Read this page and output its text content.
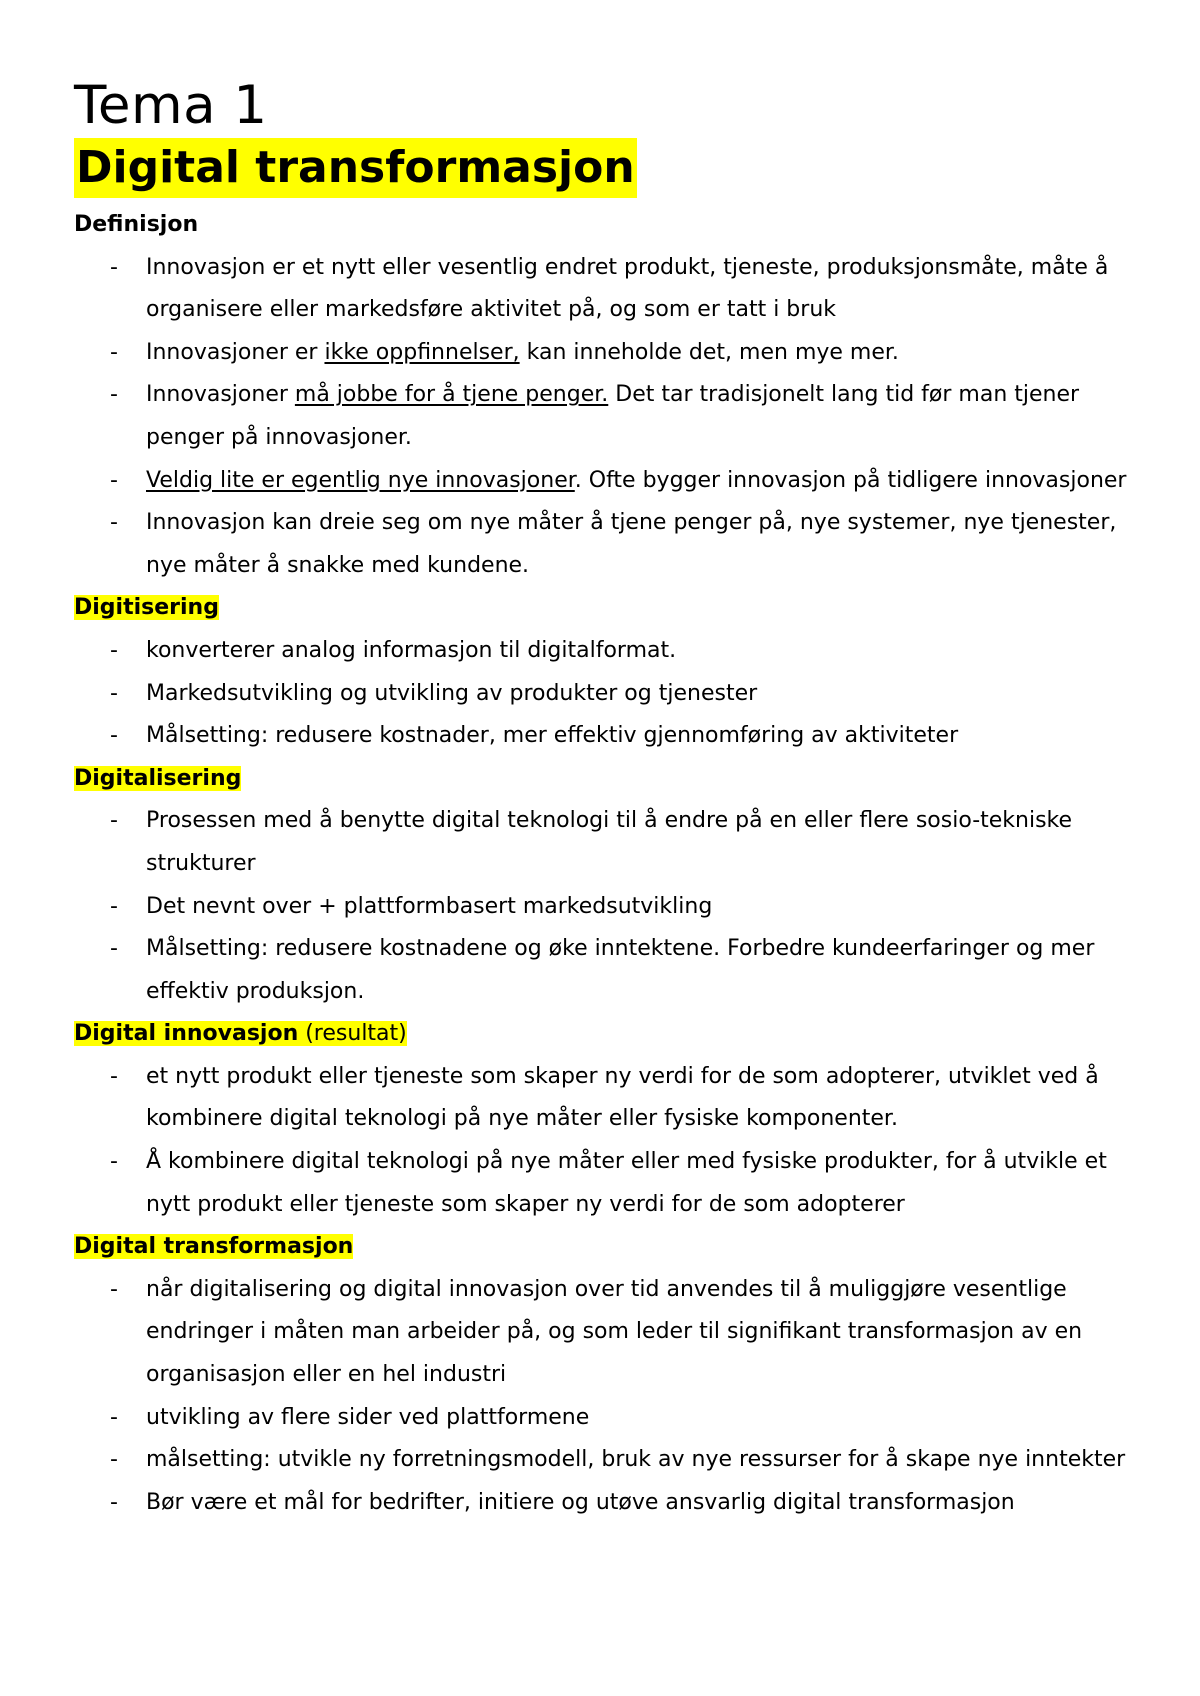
Tema 1
Digital transformasjon
Definisjon
- Innovasjon er et nytt eller vesentlig endret produkt, tjeneste, produksjonsmåte, måte å organisere eller markedsføre aktivitet på, og som er tatt i bruk
- Innovasjoner er ikke oppfinnelser, kan inneholde det, men mye mer.
- Innovasjoner må jobbe for å tjene penger. Det tar tradisjonelt lang tid før man tjener penger på innovasjoner.
- Veldig lite er egentlig nye innovasjoner. Ofte bygger innovasjon på tidligere innovasjoner
- Innovasjon kan dreie seg om nye måter å tjene penger på, nye systemer, nye tjenester, nye måter å snakke med kundene.
Digitisering
- konverterer analog informasjon til digitalformat.
- Markedsutvikling og utvikling av produkter og tjenester
- Målsetting: redusere kostnader, mer effektiv gjennomføring av aktiviteter
Digitalisering
- Prosessen med å benytte digital teknologi til å endre på en eller flere sosio-tekniske strukturer
- Det nevnt over + plattformbasert markedsutvikling
- Målsetting: redusere kostnadene og øke inntektene. Forbedre kundeerfaringer og mer effektiv produksjon.
Digital innovasjon (resultat)
- et nytt produkt eller tjeneste som skaper ny verdi for de som adopterer, utviklet ved å kombinere digital teknologi på nye måter eller fysiske komponenter.
- Å kombinere digital teknologi på nye måter eller med fysiske produkter, for å utvikle et nytt produkt eller tjeneste som skaper ny verdi for de som adopterer
Digital transformasjon
- når digitalisering og digital innovasjon over tid anvendes til å muliggjøre vesentlige endringer i måten man arbeider på, og som leder til signifikant transformasjon av en organisasjon eller en hel industri
- utvikling av flere sider ved plattformene
- målsetting: utvikle ny forretningsmodell, bruk av nye ressurser for å skape nye inntekter
- Bør være et mål for bedrifter, initiere og utøve ansvarlig digital transformasjon
